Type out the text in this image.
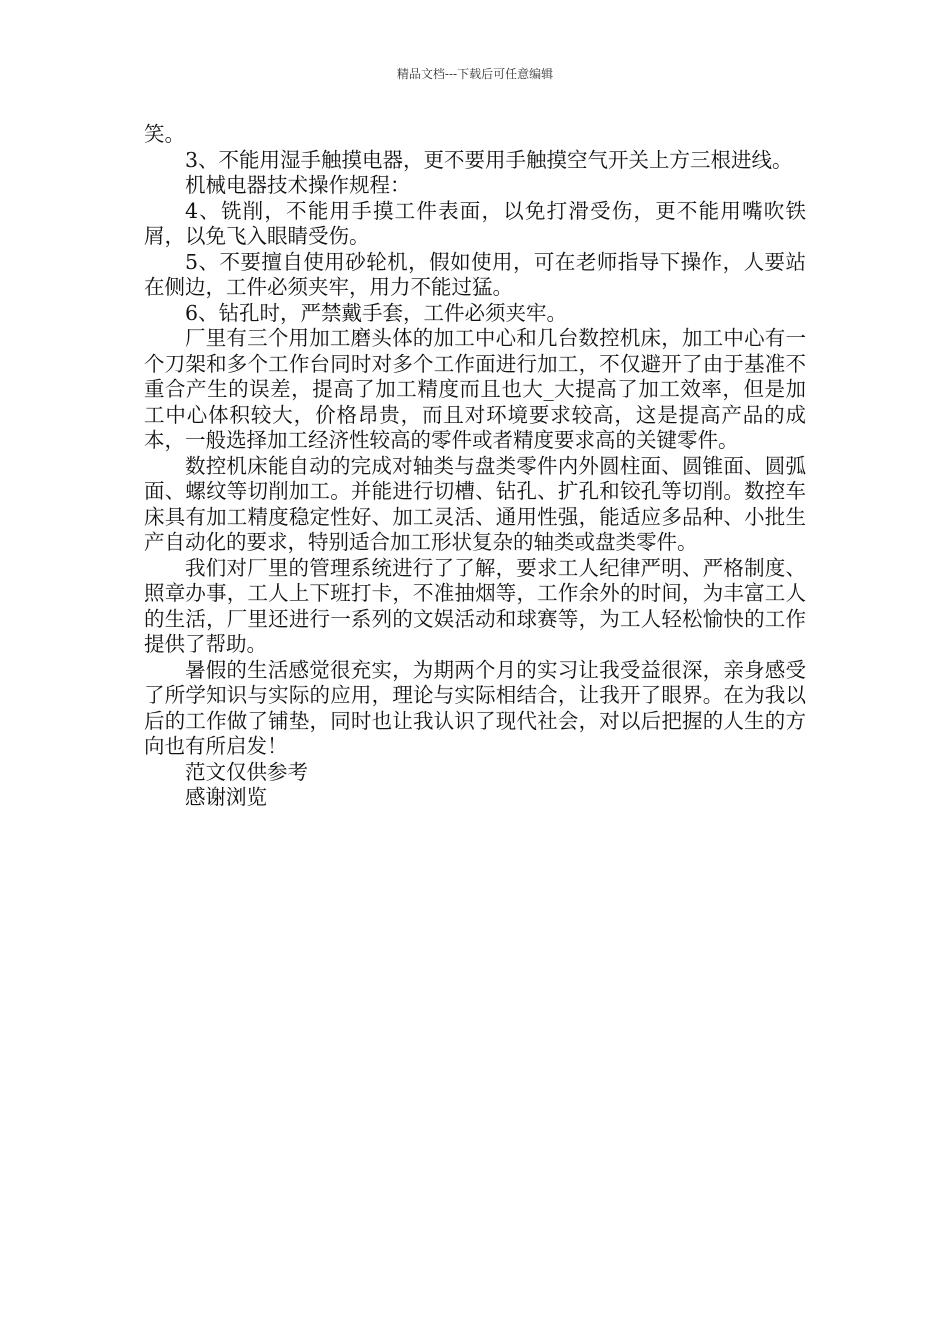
精品文档---下载后可任意编辑

笑。

3、不能用湿手触摸电器，更不要用手触摸空气开关上方三根进线。

机械电器技术操作规程：

4、铣削，不能用手摸工件表面，以免打滑受伤，更不能用嘴吹铁屑，以免飞入眼睛受伤。

5、不要擅自使用砂轮机，假如使用，可在老师指导下操作，人要站在侧边，工件必须夹牢，用力不能过猛。

6、钻孔时，严禁戴手套，工件必须夹牢。

厂里有三个用加工磨头体的加工中心和几台数控机床，加工中心有一个刀架和多个工作台同时对多个工作面进行加工，不仅避开了由于基准不重合产生的误差，提高了加工精度而且也大_大提高了加工效率，但是加工中心体积较大，价格昂贵，而且对环境要求较高，这是提高产品的成本，一般选择加工经济性较高的零件或者精度要求高的关键零件。

数控机床能自动的完成对轴类与盘类零件内外圆柱面、圆锥面、圆弧面、螺纹等切削加工。并能进行切槽、钻孔、扩孔和铰孔等切削。数控车床具有加工精度稳定性好、加工灵活、通用性强，能适应多品种、小批生产自动化的要求，特别适合加工形状复杂的轴类或盘类零件。

我们对厂里的管理系统进行了了解，要求工人纪律严明、严格制度、照章办事，工人上下班打卡，不准抽烟等，工作余外的时间，为丰富工人的生活，厂里还进行一系列的文娱活动和球赛等，为工人轻松愉快的工作提供了帮助。

暑假的生活感觉很充实，为期两个月的实习让我受益很深，亲身感受了所学知识与实际的应用，理论与实际相结合，让我开了眼界。在为我以后的工作做了铺垫，同时也让我认识了现代社会，对以后把握的人生的方向也有所启发！

范文仅供参考

感谢浏览
